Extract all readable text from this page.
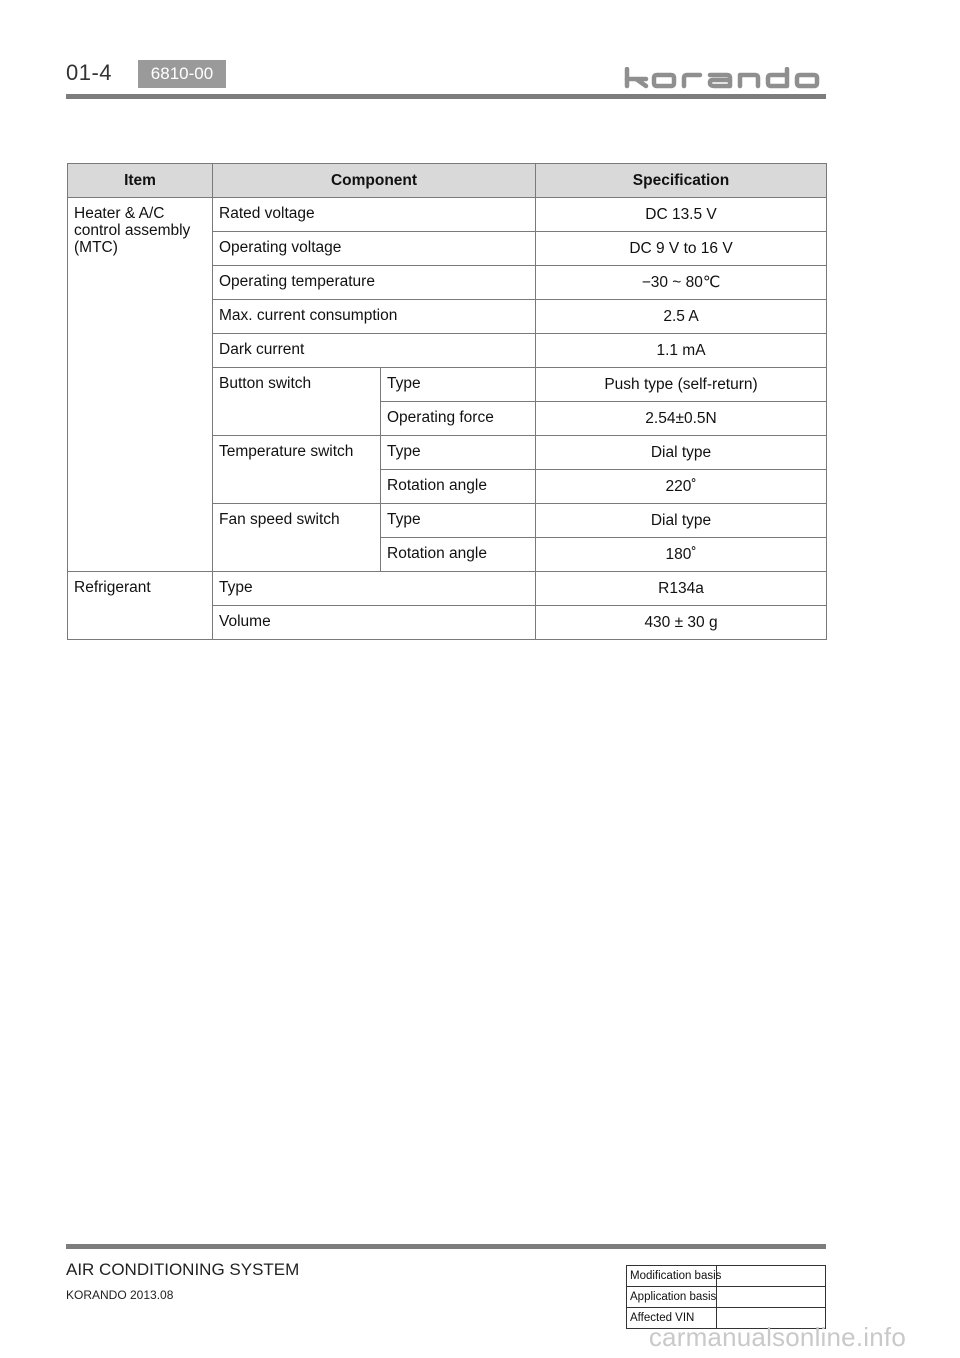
01-4	6810-00
Item	Component		Specification
Heater & A/C control assembly (MTC)	Rated voltage		DC 13.5 V
	Operating voltage		DC 9 V to 16 V
	Operating temperature		−30 ~ 80℃
	Max. current consumption		2.5 A
	Dark current		1.1 mA
	Button switch	Type	Push type (self-return)
		Operating force	2.54±0.5N
	Temperature switch	Type	Dial type
		Rotation angle	220˚
	Fan speed switch	Type	Dial type
		Rotation angle	180˚
Refrigerant	Type		R134a
	Volume		430 ± 30 g
AIR CONDITIONING SYSTEM
KORANDO 2013.08
Modification basis	
Application basis	
Affected VIN	
carmanualsonline.info
